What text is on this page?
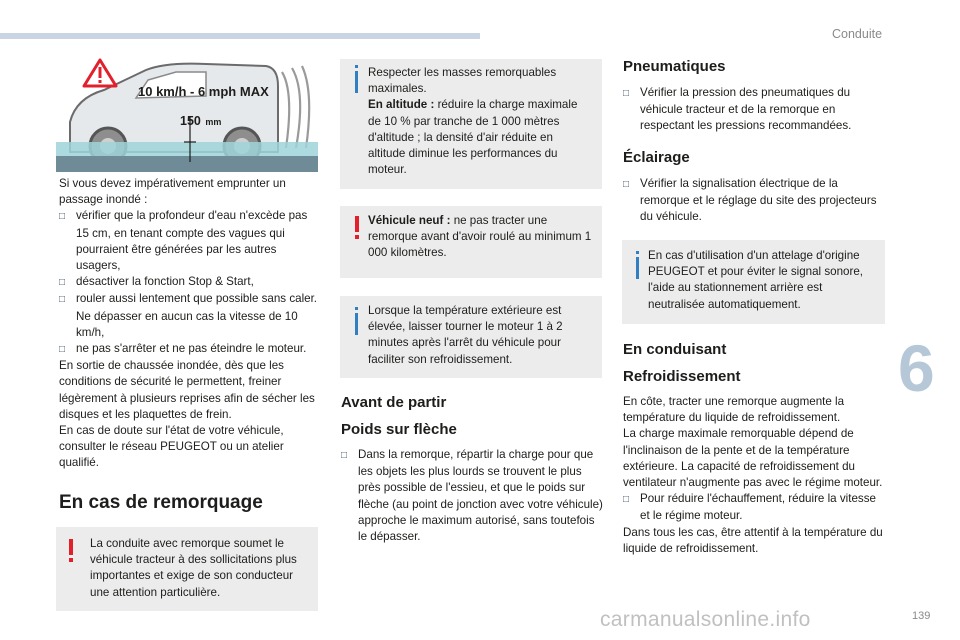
Conduite
6
139
carmanualsonline.info
10 km/h - 6 mph MAX
150 mm

Si vous devez impérativement emprunter un passage inondé :

□ vérifier que la profondeur d'eau n'excède pas 15 cm, en tenant compte des vagues qui pourraient être générées par les autres usagers,

□ désactiver la fonction Stop & Start,

□ rouler aussi lentement que possible sans caler. Ne dépasser en aucun cas la vitesse de 10 km/h,

□ ne pas s'arrêter et ne pas éteindre le moteur.

En sortie de chaussée inondée, dès que les conditions de sécurité le permettent, freiner légèrement à plusieurs reprises afin de sécher les disques et les plaquettes de frein.

En cas de doute sur l'état de votre véhicule, consulter le réseau PEUGEOT ou un atelier qualifié.

En cas de remorquage
La conduite avec remorque soumet le véhicule tracteur à des sollicitations plus importantes et exige de son conducteur une attention particulière.
Respecter les masses remorquables maximales.
En altitude : réduire la charge maximale de 10 % par tranche de 1 000 mètres d'altitude ; la densité d'air réduite en altitude diminue les performances du moteur.
Véhicule neuf : ne pas tracter une remorque avant d'avoir roulé au minimum 1 000 kilomètres.
Lorsque la température extérieure est élevée, laisser tourner le moteur 1 à 2 minutes après l'arrêt du véhicule pour faciliter son refroidissement.
Avant de partir
Poids sur flèche

□ Dans la remorque, répartir la charge pour que les objets les plus lourds se trouvent le plus près possible de l'essieu, et que le poids sur flèche (au point de jonction avec votre véhicule) approche le maximum autorisé, sans toutefois le dépasser.

Pneumatiques

□ Vérifier la pression des pneumatiques du véhicule tracteur et de la remorque en respectant les pressions recommandées.

Éclairage

□ Vérifier la signalisation électrique de la remorque et le réglage du site des projecteurs du véhicule.

En cas d'utilisation d'un attelage d'origine PEUGEOT et pour éviter le signal sonore, l'aide au stationnement arrière est neutralisée automatiquement.
En conduisant
Refroidissement

En côte, tracter une remorque augmente la température du liquide de refroidissement.

La charge maximale remorquable dépend de l'inclinaison de la pente et de la température extérieure. La capacité de refroidissement du ventilateur n'augmente pas avec le régime moteur.

□ Pour réduire l'échauffement, réduire la vitesse et le régime moteur.

Dans tous les cas, être attentif à la température du liquide de refroidissement.
